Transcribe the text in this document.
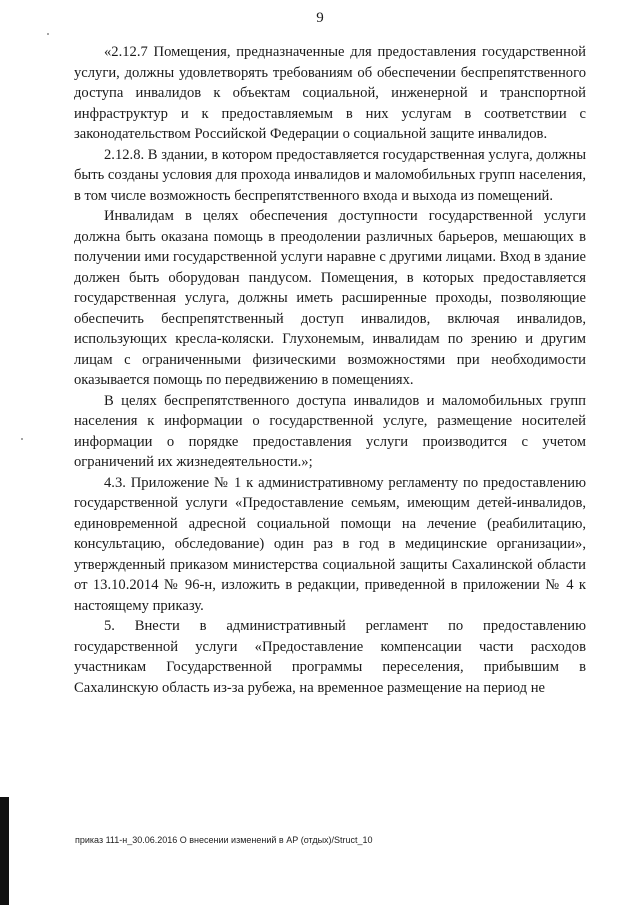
9

«2.12.7 Помещения, предназначенные для предоставления государственной услуги, должны удовлетворять требованиям об обеспечении беспрепятственного доступа инвалидов к объектам социальной, инженерной и транспортной инфраструктур и к предоставляемым в них услугам в соответствии с законодательством Российской Федерации о социальной защите инвалидов.

2.12.8. В здании, в котором предоставляется государственная услуга, должны быть созданы условия для прохода инвалидов и маломобильных групп населения, в том числе возможность беспрепятственного входа и выхода из помещений.

Инвалидам в целях обеспечения доступности государственной услуги должна быть оказана помощь в преодолении различных барьеров, мешающих в получении ими государственной услуги наравне с другими лицами. Вход в здание должен быть оборудован пандусом. Помещения, в которых предоставляется государственная услуга, должны иметь расширенные проходы, позволяющие обеспечить беспрепятственный доступ инвалидов, включая инвалидов, использующих кресла-коляски. Глухонемым, инвалидам по зрению и другим лицам с ограниченными физическими возможностями при необходимости оказывается помощь по передвижению в помещениях.

В целях беспрепятственного доступа инвалидов и маломобильных групп населения к информации о государственной услуге, размещение носителей информации о порядке предоставления услуги производится с учетом ограничений их жизнедеятельности.»;

4.3. Приложение № 1 к административному регламенту по предоставлению государственной услуги «Предоставление семьям, имеющим детей-инвалидов, единовременной адресной социальной помощи на лечение (реабилитацию, консультацию, обследование) один раз в год в медицинские организации», утвержденный приказом министерства социальной защиты Сахалинской области от 13.10.2014 № 96-н, изложить в редакции, приведенной в приложении № 4 к настоящему приказу.

5. Внести в административный регламент по предоставлению государственной услуги «Предоставление компенсации части расходов участникам Государственной программы переселения, прибывшим в Сахалинскую область из-за рубежа, на временное размещение на период не

приказ 111-н_30.06.2016 О внесении изменений в АР (отдых)/Struct_10
